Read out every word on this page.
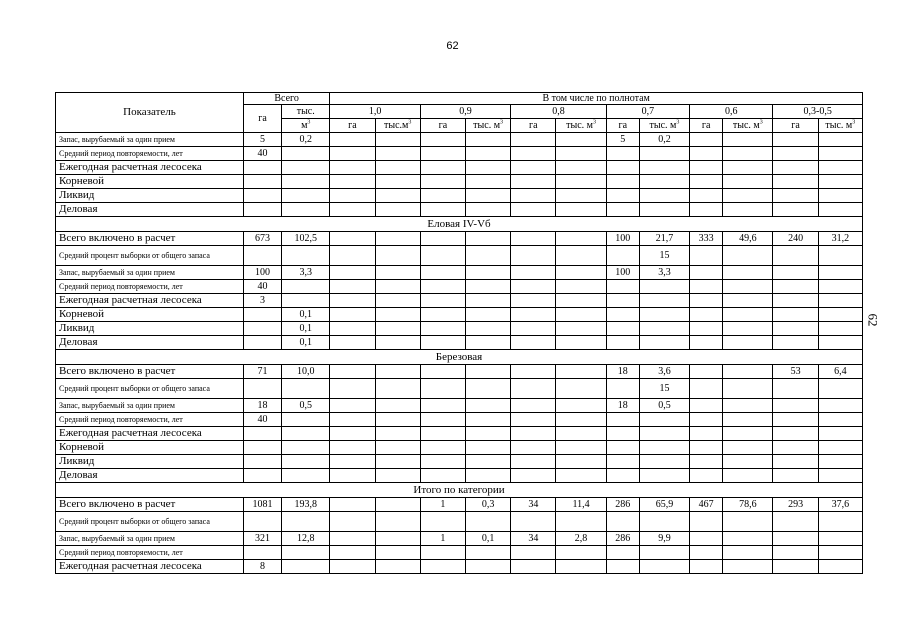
62
62
Показатель	Всего		В том числе по полнотам											
	га	тыс.	1,0		0,9		0,8		0,7		0,6		0,3-0,5	
		$м^3$	га	$тыс.м^3$	га	тыс. $м^3$	га	тыс. $м^3$	га	тыс. $м^3$	га	тыс. $м^3$	га	тыс. $м^3$
Запас, вырубаемый за один прием	5	0,2							5	0,2				
Средний период повторяемости, лет	40													
Ежегодная расчетная лесосека														
Корневой														
Ликвид														
Деловая														
Еловая IV-Vб														
Всего включено в расчет	673	102,5							100	21,7	333	49,6	240	31,2
Средний процент выборки от общего запаса										15				
Запас, вырубаемый за один прием	100	3,3							100	3,3				
Средний период повторяемости, лет	40													
Ежегодная расчетная лесосека	3													
Корневой		0,1												
Ликвид		0,1												
Деловая		0,1												
Березовая														
Всего включено в расчет	71	10,0							18	3,6			53	6,4
Средний процент выборки от общего запаса										15				
Запас, вырубаемый за один прием	18	0,5							18	0,5				
Средний период повторяемости, лет	40													
Ежегодная расчетная лесосека														
Корневой														
Ликвид														
Деловая														
Итого по категории														
Всего включено в расчет	1081	193,8			1	0,3	34	11,4	286	65,9	467	78,6	293	37,6
Средний процент выборки от общего запаса														
Запас, вырубаемый за один прием	321	12,8			1	0,1	34	2,8	286	9,9				
Средний период повторяемости, лет														
Ежегодная расчетная лесосека	8													
